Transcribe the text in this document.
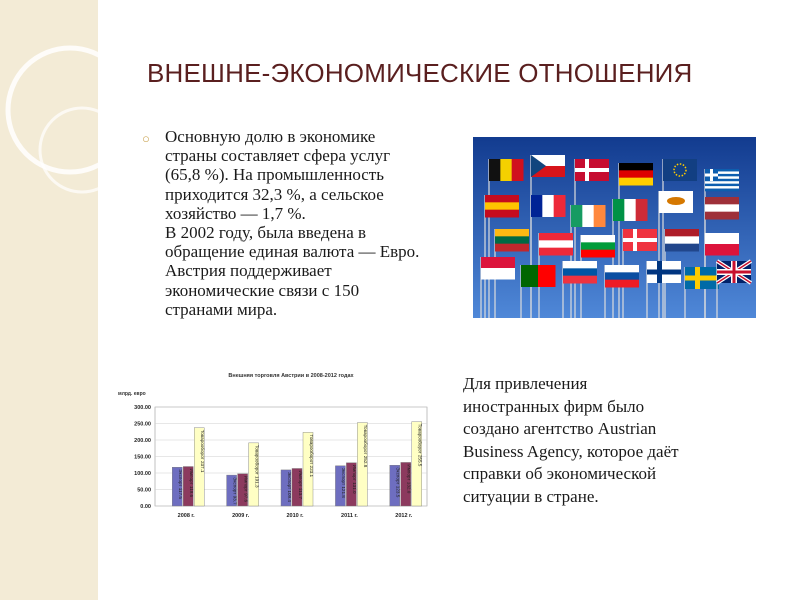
ВНЕШНЕ-ЭКОНОМИЧЕСКИЕ ОТНОШЕНИЯ
○ Основную долю в экономике
страны составляет сфера услуг
(65,8 %). На промышленность
приходится 32,3 %, а сельское
хозяйство — 1,7 %.
В 2002 году, была введена в
обращение единая валюта — Евро.
Австрия поддерживает
экономические связи с 150
странами мира.
Внешняя торговля Австрии в 2008-2012 годах
млрд. евро
0.00
50.00
100.00
150.00
200.00
250.00
300.00
Экспорт 117.5 Импорт 119.6
Товарооборот 237.1
2008 г.
Экспорт 93.7 Импорт 97.6
Товарооборот 191.3
2009 г.
Экспорт 109.4 Импорт 113.7
Товарооборот 223.1
2010 г.
Экспорт 121.8 Импорт 131.0
Товарооборот 252.8
2011 г.
Экспорт 123.5 Импорт 132.0
Товарооборот 255.5
2012 г.
Для привлечения
иностранных фирм было
создано агентство Austrian
Business Agency, которое даёт
справки об экономической
ситуации в стране.
